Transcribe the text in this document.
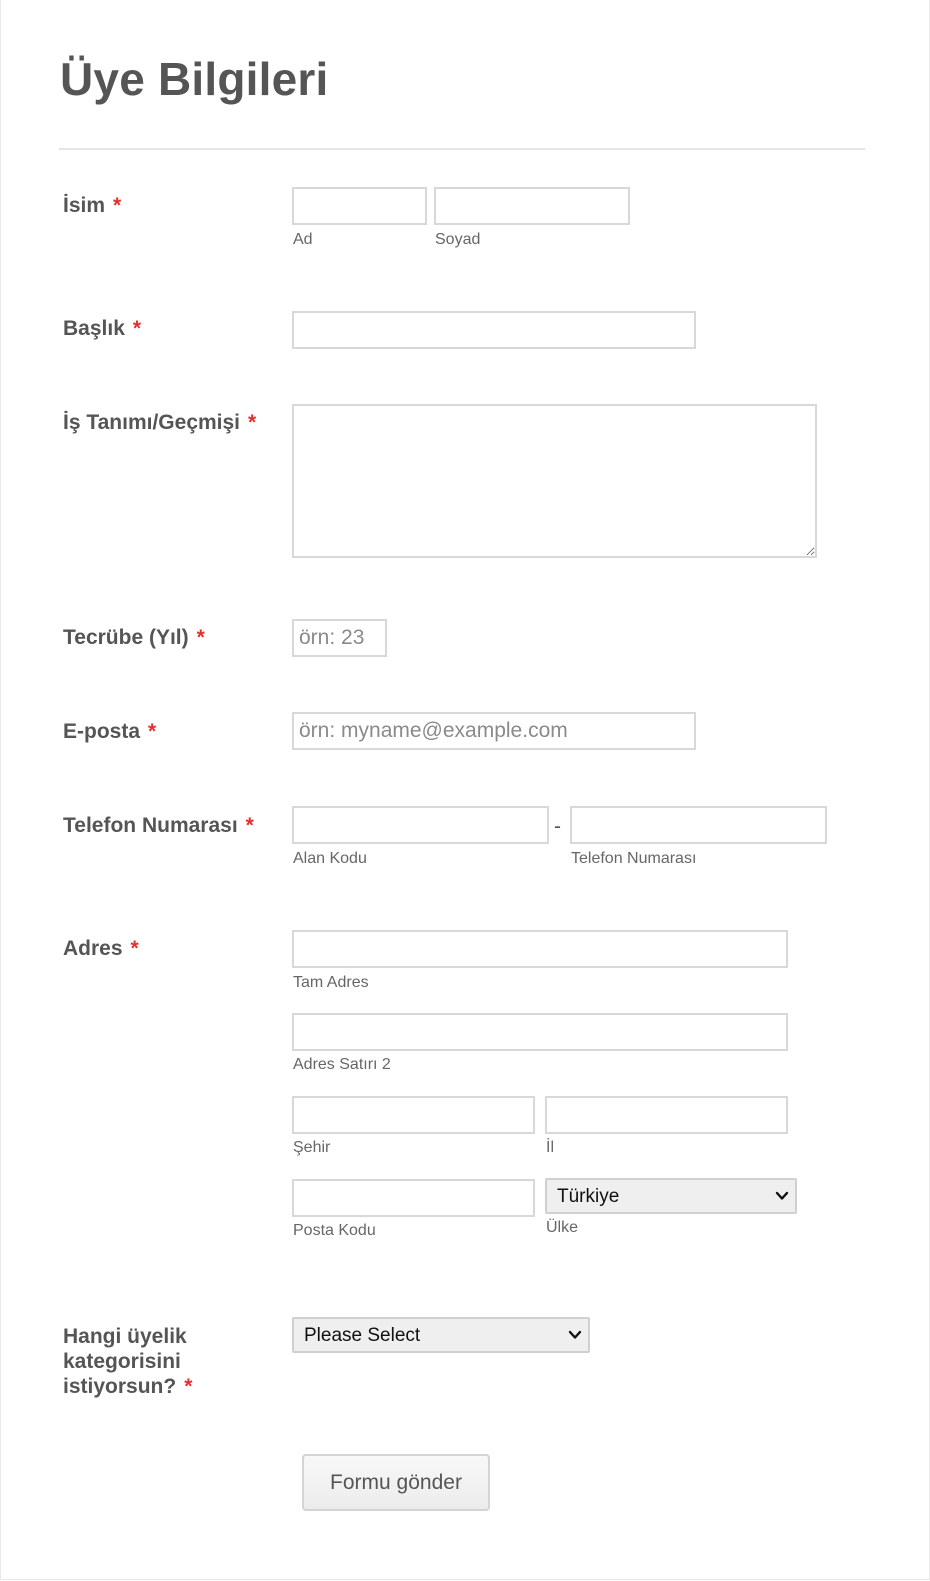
Üye Bilgileri
İsim *
Ad	Soyad
Başlık *
İş Tanımı/Geçmişi *
Tecrübe (Yıl) *
örn: 23
E-posta *
örn: myname@example.com
Telefon Numarası *	-
Alan Kodu	Telefon Numarası
Adres *
Tam Adres
Adres Satırı 2
Şehir	İl
Türkiye
Posta Kodu	Ülke
Hangi üyelik
kategorisini
istiyorsun? *
Please Select
Formu gönder
